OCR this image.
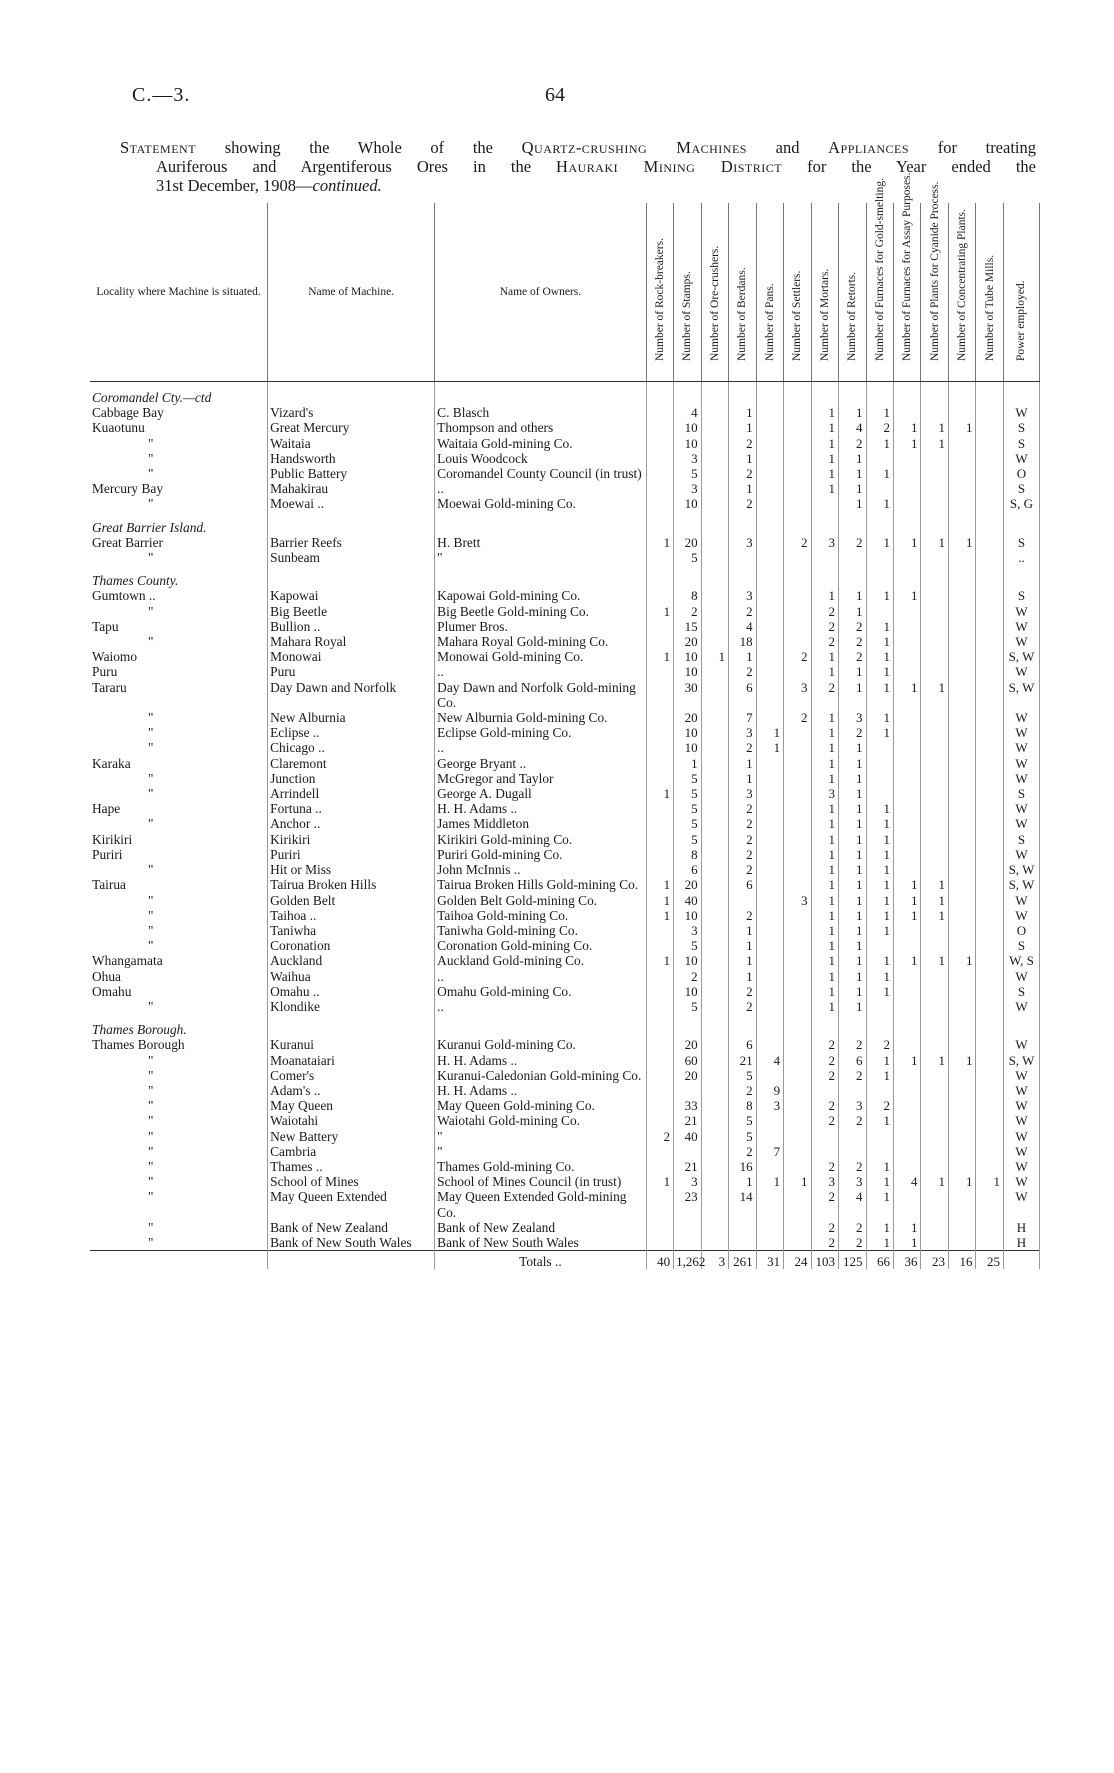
C.—3.	64
Statement showing the Whole of the Quartz-crushing Machines and Appliances for treating
Auriferous and Argentiferous Ores in the Hauraki Mining District for the Year ended the
31st December, 1908—continued.
Locality where Machine is situated.	Name of Machine.	Name of Owners.	Number of Rock-breakers.	Number of Stamps.	Number of Ore-crushers.	Number of Berdans.	Number of Pans.	Number of Settlers.	Number of Mortars.	Number of Retorts.	Number of Furnaces for Gold-smelting.	Number of Furnaces for Assay Purposes.	Number of Plants for Cyanide Process.	Number of Concentrating Plants.	Number of Tube Mills.	Power employed.

Coromandel Cty.—ctd																
Cabbage Bay	Vizard's	C. Blasch		4		1			1	1	1					W
Kuaotunu	Great Mercury	Thompson and others		10		1			1	4	2	1	1	1		S
"	Waitaia	Waitaia Gold-mining Co.		10		2			1	2	1	1	1			S
"	Handsworth	Louis Woodcock		3		1			1	1						W
"	Public Battery	Coromandel County Council (in trust)		5		2			1	1	1					O
Mercury Bay	Mahakirau	..		3		1			1	1						S
"	Moewai ..	Moewai Gold-mining Co.		10		2				1	1					S, G
Great Barrier Island.																
Great Barrier	Barrier Reefs	H. Brett	1	20		3		2	3	2	1	1	1	1		S
"	Sunbeam	"		5												..
Thames County.																
Gumtown ..	Kapowai	Kapowai Gold-mining Co.		8		3			1	1	1	1				S
"	Big Beetle	Big Beetle Gold-mining Co.	1	2		2			2	1						W
Tapu	Bullion ..	Plumer Bros.		15		4			2	2	1					W
"	Mahara Royal	Mahara Royal Gold-mining Co.		20		18			2	2	1					W
Waiomo	Monowai	Monowai Gold-mining Co.	1	10	1	1		2	1	2	1					S, W
Puru	Puru	..		10		2			1	1	1					W
Tararu	Day Dawn and Norfolk	Day Dawn and Norfolk Gold-mining Co.		30		6		3	2	1	1	1	1			S, W
"	New Alburnia	New Alburnia Gold-mining Co.		20		7		2	1	3	1					W
"	Eclipse ..	Eclipse Gold-mining Co.		10		3	1		1	2	1					W
"	Chicago ..	..		10		2	1		1	1						W
Karaka	Claremont	George Bryant ..		1		1			1	1						W
"	Junction	McGregor and Taylor		5		1			1	1						W
"	Arrindell	George A. Dugall	1	5		3			3	1						S
Hape	Fortuna ..	H. H. Adams ..		5		2			1	1	1					W
"	Anchor ..	James Middleton		5		2			1	1	1					W
Kirikiri	Kirikiri	Kirikiri Gold-mining Co.		5		2			1	1	1					S
Puriri	Puriri	Puriri Gold-mining Co.		8		2			1	1	1					W
"	Hit or Miss	John McInnis ..		6		2			1	1	1					S, W
Tairua	Tairua Broken Hills	Tairua Broken Hills Gold-mining Co.	1	20		6			1	1	1	1	1			S, W
"	Golden Belt	Golden Belt Gold-mining Co.	1	40				3	1	1	1	1	1			W
"	Taihoa ..	Taihoa Gold-mining Co.	1	10		2			1	1	1	1	1			W
"	Taniwha	Taniwha Gold-mining Co.		3		1			1	1	1					O
"	Coronation	Coronation Gold-mining Co.		5		1			1	1						S
Whangamata	Auckland	Auckland Gold-mining Co.	1	10		1			1	1	1	1	1	1		W, S
Ohua	Waihua	..		2		1			1	1	1					W
Omahu	Omahu ..	Omahu Gold-mining Co.		10		2			1	1	1					S
"	Klondike	..		5		2			1	1						W
Thames Borough.																
Thames Borough	Kuranui	Kuranui Gold-mining Co.		20		6			2	2	2					W
"	Moanataiari	H. H. Adams ..		60		21	4		2	6	1	1	1	1		S, W
"	Comer's	Kuranui-Caledonian Gold-mining Co.		20		5			2	2	1					W
"	Adam's ..	H. H. Adams ..				2	9									W
"	May Queen	May Queen Gold-mining Co.		33		8	3		2	3	2					W
"	Waiotahi	Waiotahi Gold-mining Co.		21		5			2	2	1					W
"	New Battery	"	2	40		5										W
"	Cambria	"				2	7									W
"	Thames ..	Thames Gold-mining Co.		21		16			2	2	1					W
"	School of Mines	School of Mines Council (in trust)	1	3		1	1	1	3	3	1	4	1	1	1	W
"	May Queen Extended	May Queen Extended Gold-mining Co.		23		14			2	4	1					W
"	Bank of New Zealand	Bank of New Zealand							2	2	1	1				H
"	Bank of New South Wales	Bank of New South Wales							2	2	1	1				H
		Totals ..	40	1,262	3	261	31	24	103	125	66	36	23	16	25	
